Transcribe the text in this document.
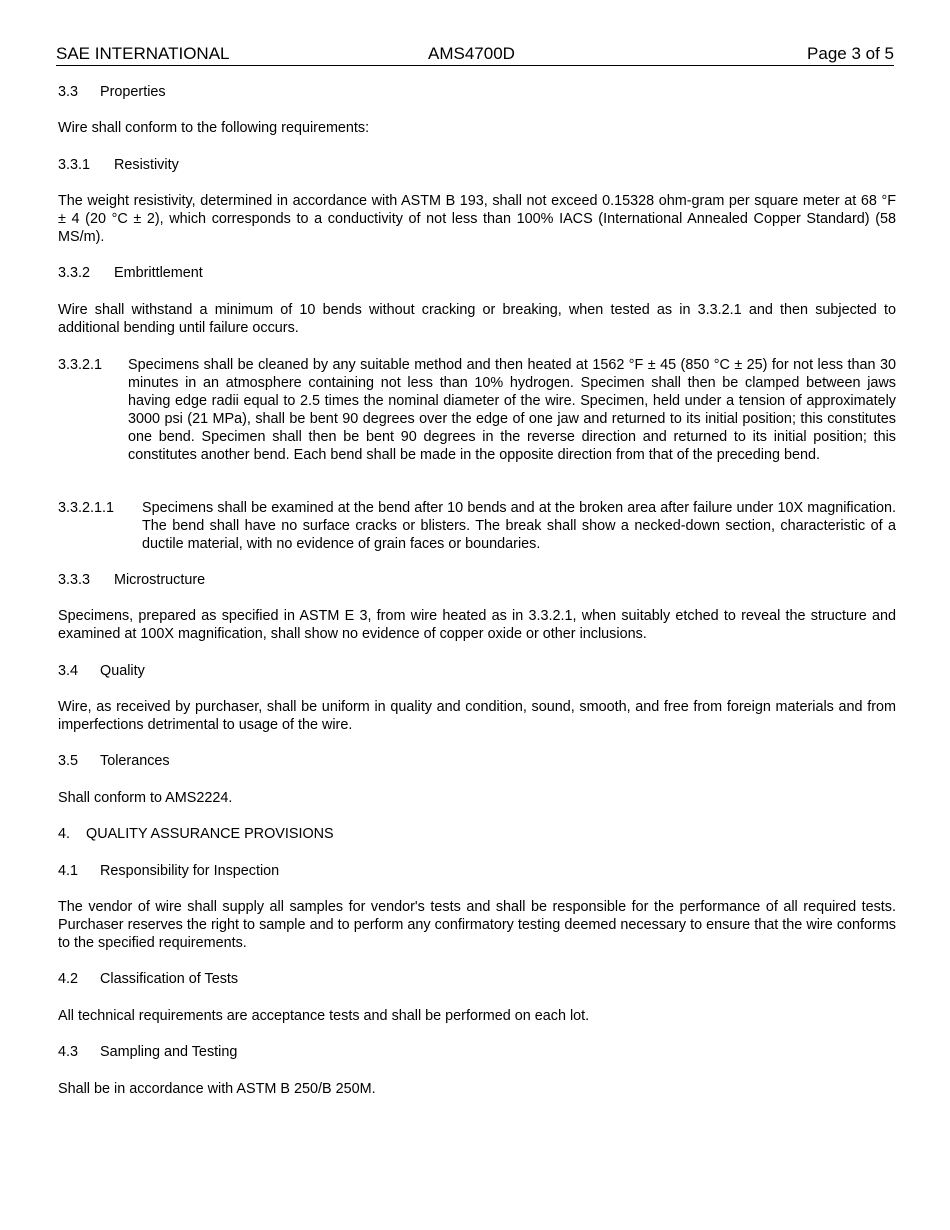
SAE INTERNATIONAL	AMS4700D	Page 3 of 5
3.3 Properties
Wire shall conform to the following requirements:
3.3.1 Resistivity
The weight resistivity, determined in accordance with ASTM B 193, shall not exceed 0.15328 ohm-gram per square meter at 68 °F ± 4 (20 °C ± 2), which corresponds to a conductivity of not less than 100% IACS (International Annealed Copper Standard) (58 MS/m).
3.3.2 Embrittlement
Wire shall withstand a minimum of 10 bends without cracking or breaking, when tested as in 3.3.2.1 and then subjected to additional bending until failure occurs.
3.3.2.1 Specimens shall be cleaned by any suitable method and then heated at 1562 °F ± 45 (850 °C ± 25) for not less than 30 minutes in an atmosphere containing not less than 10% hydrogen. Specimen shall then be clamped between jaws having edge radii equal to 2.5 times the nominal diameter of the wire. Specimen, held under a tension of approximately 3000 psi (21 MPa), shall be bent 90 degrees over the edge of one jaw and returned to its initial position; this constitutes one bend. Specimen shall then be bent 90 degrees in the reverse direction and returned to its initial position; this constitutes another bend. Each bend shall be made in the opposite direction from that of the preceding bend.
3.3.2.1.1 Specimens shall be examined at the bend after 10 bends and at the broken area after failure under 10X magnification. The bend shall have no surface cracks or blisters. The break shall show a necked-down section, characteristic of a ductile material, with no evidence of grain faces or boundaries.
3.3.3 Microstructure
Specimens, prepared as specified in ASTM E 3, from wire heated as in 3.3.2.1, when suitably etched to reveal the structure and examined at 100X magnification, shall show no evidence of copper oxide or other inclusions.
3.4 Quality
Wire, as received by purchaser, shall be uniform in quality and condition, sound, smooth, and free from foreign materials and from imperfections detrimental to usage of the wire.
3.5 Tolerances
Shall conform to AMS2224.
4. QUALITY ASSURANCE PROVISIONS
4.1 Responsibility for Inspection
The vendor of wire shall supply all samples for vendor's tests and shall be responsible for the performance of all required tests. Purchaser reserves the right to sample and to perform any confirmatory testing deemed necessary to ensure that the wire conforms to the specified requirements.
4.2 Classification of Tests
All technical requirements are acceptance tests and shall be performed on each lot.
4.3 Sampling and Testing
Shall be in accordance with ASTM B 250/B 250M.
